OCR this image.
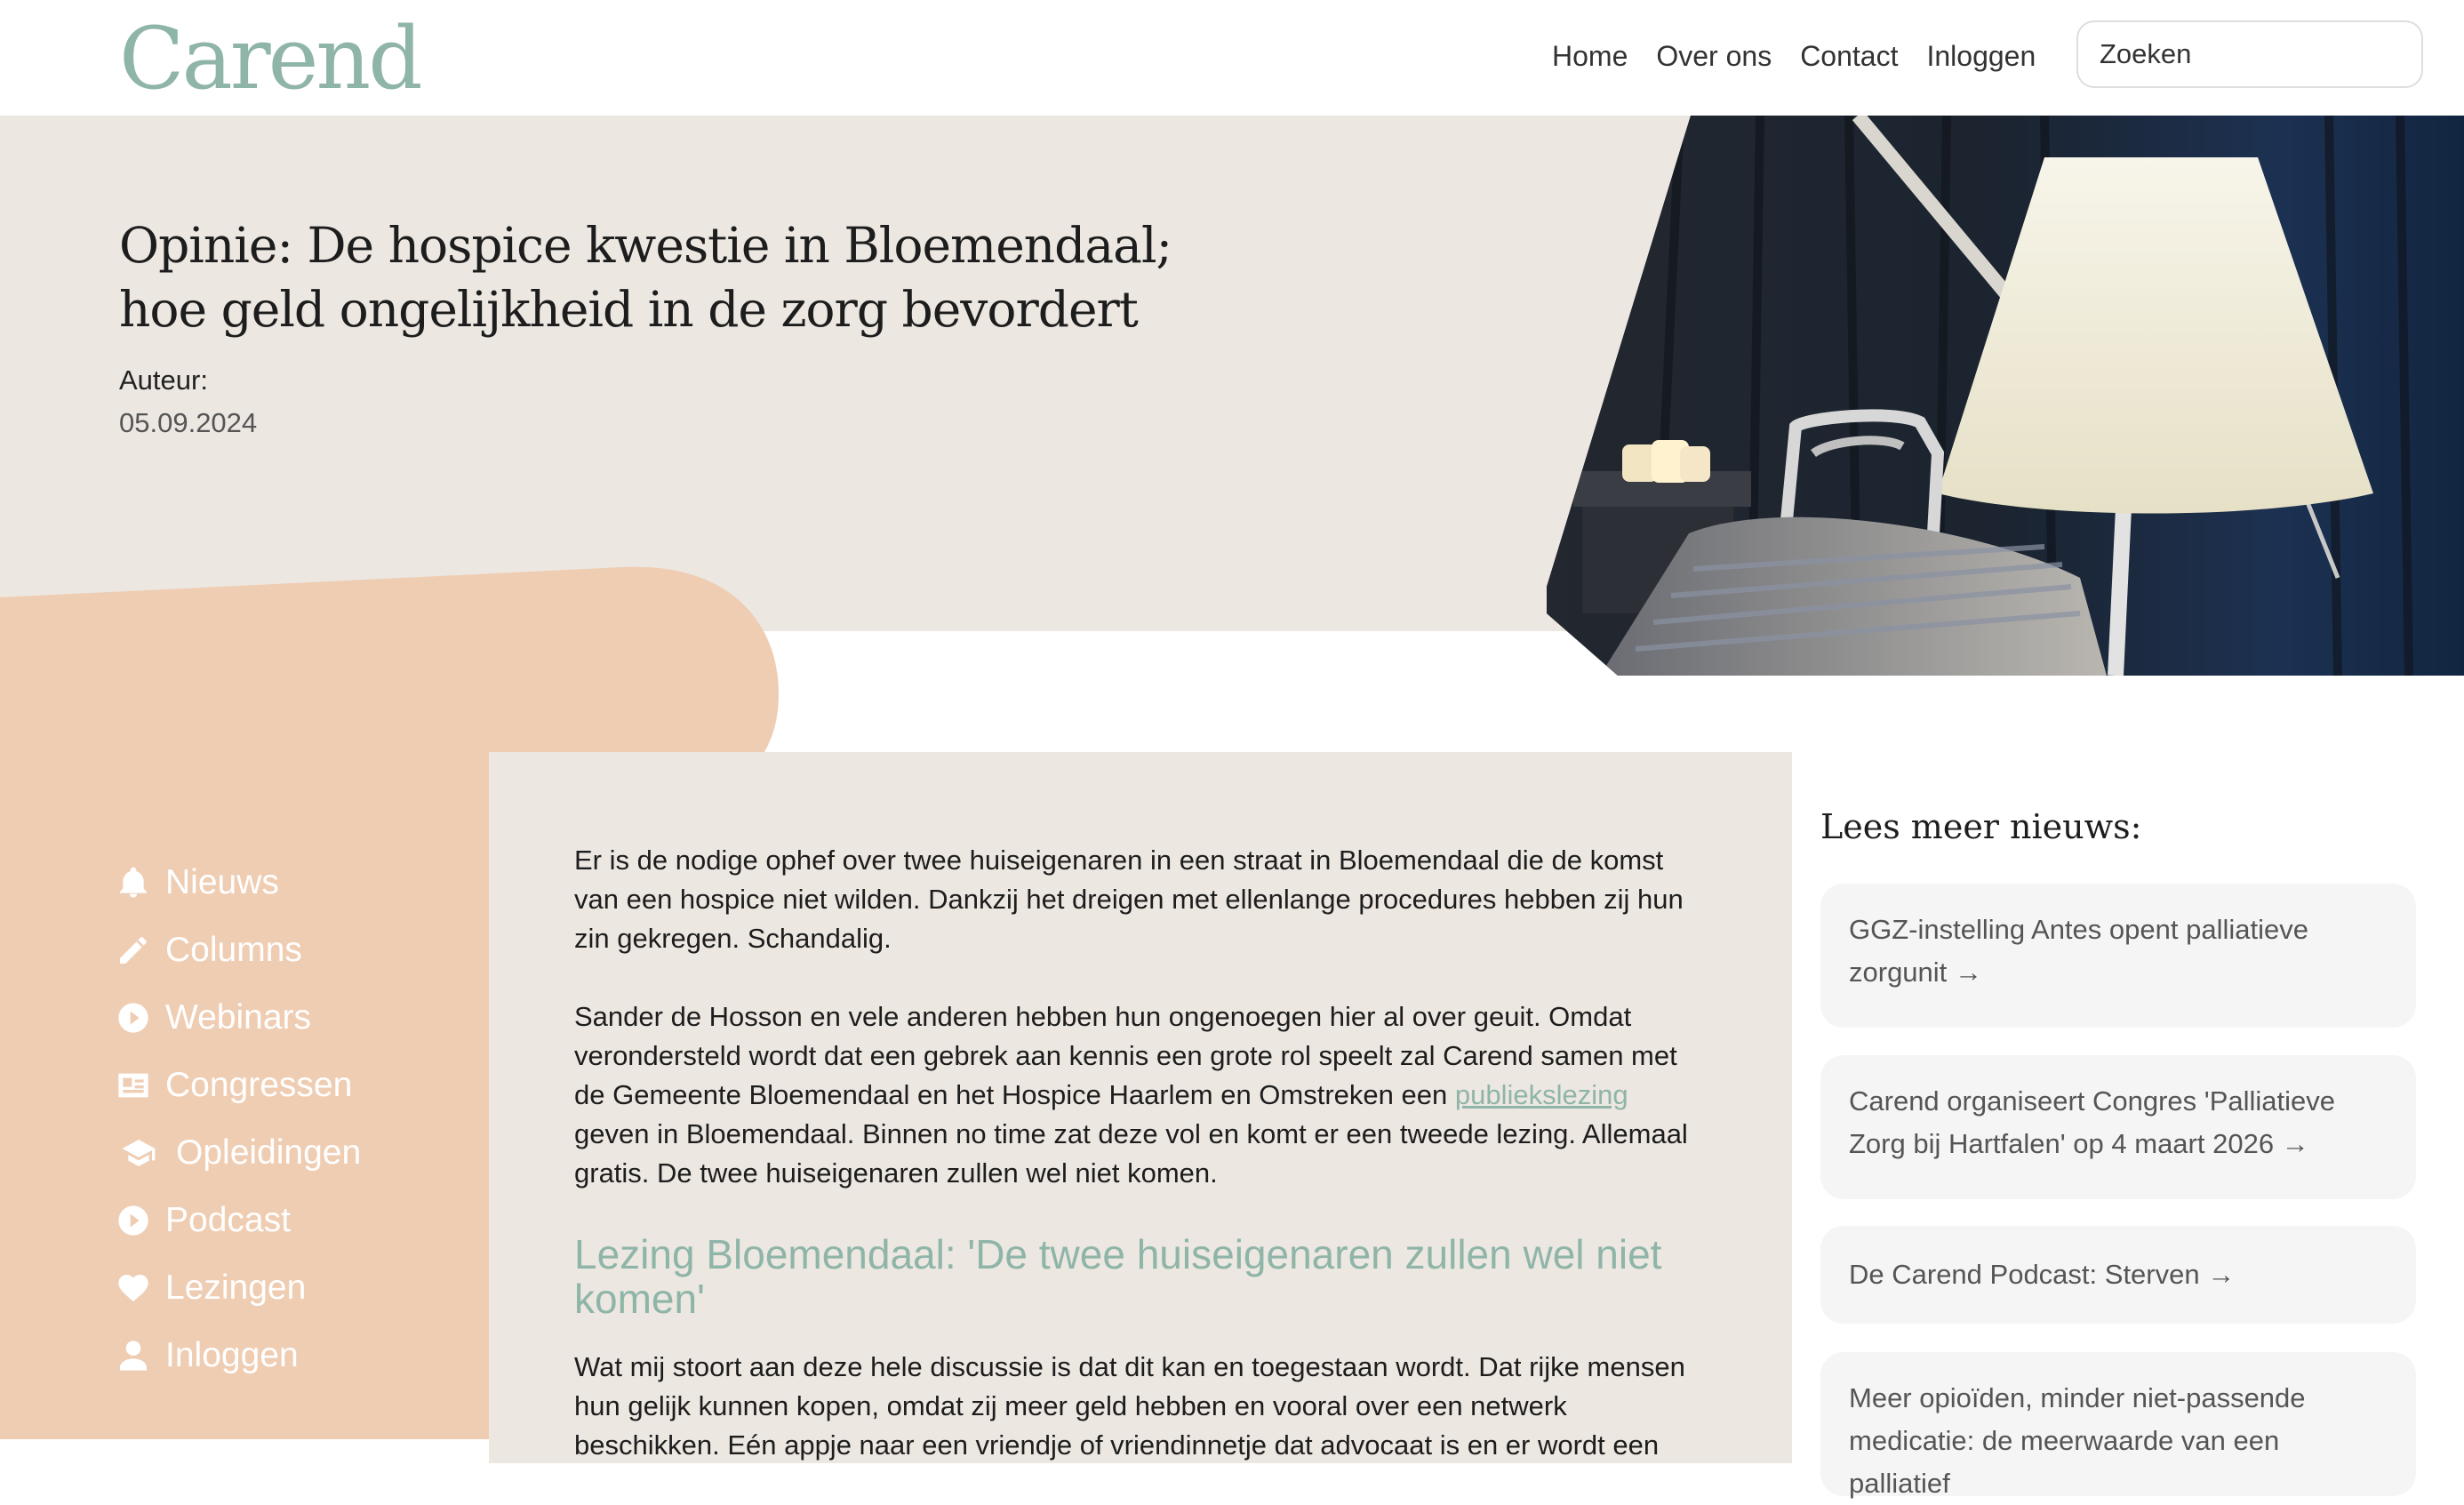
Carend	Home Over ons Contact Inloggen
Zoeken
Opinie: De hospice kwestie in Bloemendaal; hoe geld ongelijkheid in de zorg bevordert
Auteur:
05.09.2024
Nieuws
Columns
Webinars
Congressen
Opleidingen
Podcast
Lezingen
Inloggen

Er is de nodige ophef over twee huiseigenaren in een straat in Bloemendaal die de komst van een hospice niet wilden. Dankzij het dreigen met ellenlange procedures hebben zij hun zin gekregen. Schandalig.

Sander de Hosson en vele anderen hebben hun ongenoegen hier al over geuit. Omdat verondersteld wordt dat een gebrek aan kennis een grote rol speelt zal Carend samen met de Gemeente Bloemendaal en het Hospice Haarlem en Omstreken een publiekslezing geven in Bloemendaal. Binnen no time zat deze vol en komt er een tweede lezing. Allemaal gratis. De twee huiseigenaren zullen wel niet komen.

Lezing Bloemendaal: 'De twee huiseigenaren zullen wel niet komen'

Wat mij stoort aan deze hele discussie is dat dit kan en toegestaan wordt. Dat rijke mensen hun gelijk kunnen kopen, omdat zij meer geld hebben en vooral over een netwerk beschikken. Eén appje naar een vriendje of vriendinnetje dat advocaat is en er wordt een

Lees meer nieuws:
GGZ-instelling Antes opent palliatieve zorgunit →
Carend organiseert Congres 'Palliatieve Zorg bij Hartfalen' op 4 maart 2026 →
De Carend Podcast: Sterven →
Meer opioïden, minder niet-passende medicatie: de meerwaarde van een palliatief
